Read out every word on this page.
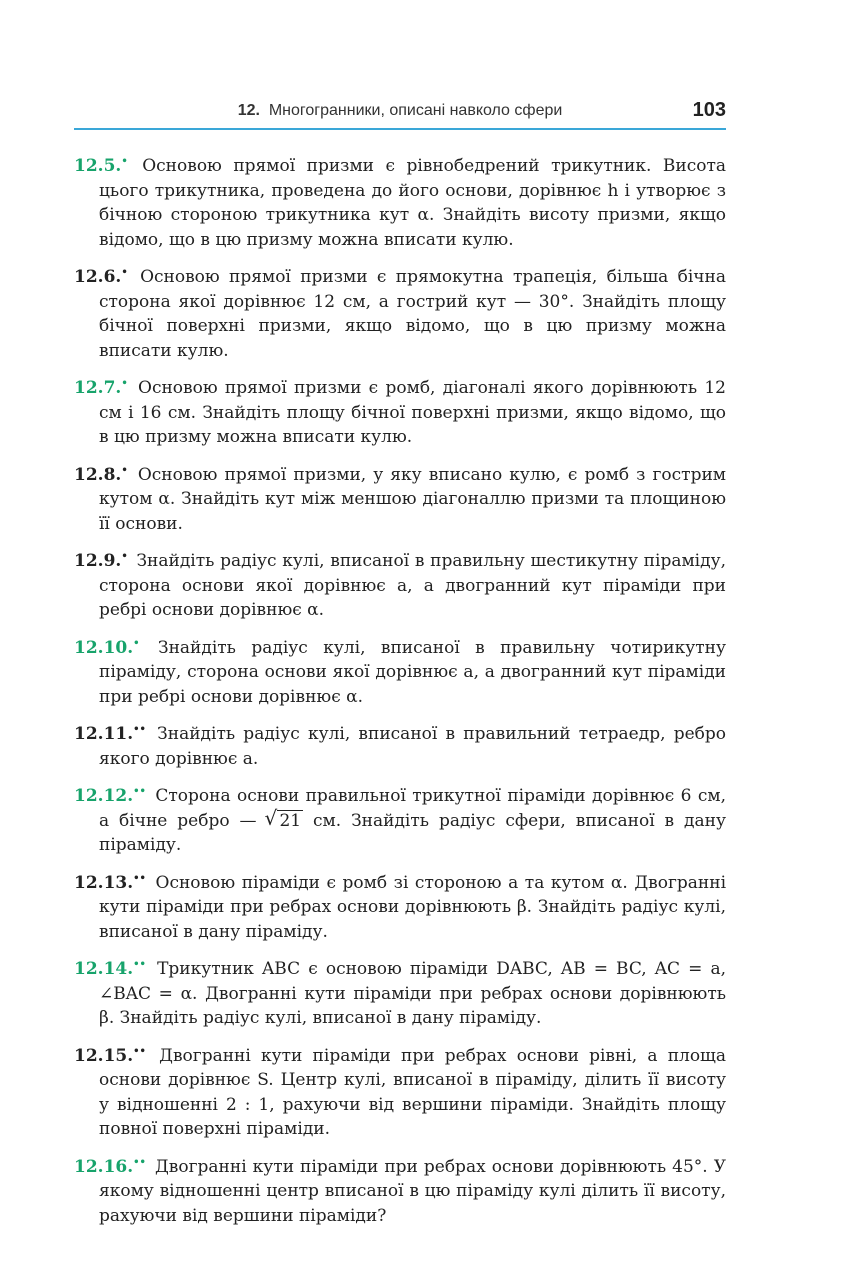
12. Многогранники, описані навколо сфери	103
12.5.• Основою прямої призми є рівнобедрений трикутник. Висота цього трикутника, проведена до його основи, дорівнює h і утворює з бічною стороною трикутника кут α. Знайдіть висоту призми, якщо відомо, що в цю призму можна вписати кулю.
12.6.• Основою прямої призми є прямокутна трапеція, більша бічна сторона якої дорівнює 12 см, а гострий кут — 30°. Знайдіть площу бічної поверхні призми, якщо відомо, що в цю призму можна вписати кулю.
12.7.• Основою прямої призми є ромб, діагоналі якого дорівнюють 12 см і 16 см. Знайдіть площу бічної поверхні призми, якщо відомо, що в цю призму можна вписати кулю.
12.8.• Основою прямої призми, у яку вписано кулю, є ромб з гострим кутом α. Знайдіть кут між меншою діагоналлю призми та площиною її основи.
12.9.• Знайдіть радіус кулі, вписаної в правильну шестикутну піраміду, сторона основи якої дорівнює a, а двогранний кут піраміди при ребрі основи дорівнює α.
12.10.• Знайдіть радіус кулі, вписаної в правильну чотирикутну піраміду, сторона основи якої дорівнює a, а двогранний кут піраміди при ребрі основи дорівнює α.
12.11.•• Знайдіть радіус кулі, вписаної в правильний тетраедр, ребро якого дорівнює a.
12.12.•• Сторона основи правильної трикутної піраміди дорівнює 6 см, а бічне ребро — √ 21 см. Знайдіть радіус сфери, вписаної в дану піраміду.
12.13.•• Основою піраміди є ромб зі стороною a та кутом α. Двогранні кути піраміди при ребрах основи дорівнюють β. Знайдіть радіус кулі, вписаної в дану піраміду.
12.14.•• Трикутник ABC є основою піраміди DABC, AB = BC, AC = a, ∠BAC = α. Двогранні кути піраміди при ребрах основи дорівнюють β. Знайдіть радіус кулі, вписаної в дану піраміду.
12.15.•• Двогранні кути піраміди при ребрах основи рівні, а площа основи дорівнює S. Центр кулі, вписаної в піраміду, ділить її висоту у відношенні 2 : 1, рахуючи від вершини піраміди. Знайдіть площу повної поверхні піраміди.
12.16.•• Двогранні кути піраміди при ребрах основи дорівнюють 45°. У якому відношенні центр вписаної в цю піраміду кулі ділить її висоту, рахуючи від вершини піраміди?
